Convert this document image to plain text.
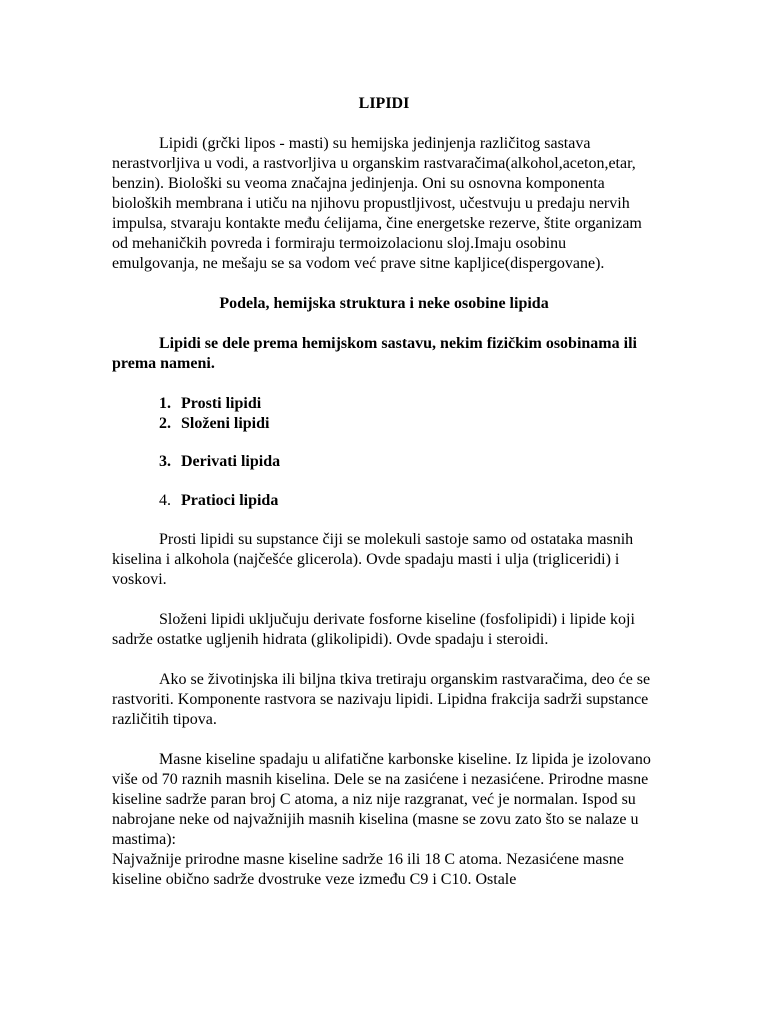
LIPIDI

Lipidi (grčki lipos - masti) su hemijska jedinjenja različitog sastava nerastvorljiva u vodi, a rastvorljiva u organskim rastvaračima(alkohol,aceton,etar, benzin). Biološki su veoma značajna jedinjenja. Oni su osnovna komponenta bioloških membrana i utiču na njihovu propustljivost, učestvuju u predaju nervih impulsa, stvaraju kontakte među ćelijama, čine energetske rezerve, štite organizam od mehaničkih povreda i formiraju termoizolacionu sloj.Imaju osobinu emulgovanja, ne mešaju se sa vodom već prave sitne kapljice(dispergovane).

Podela, hemijska struktura i neke osobine lipida

Lipidi se dele prema hemijskom sastavu, nekim fizičkim osobinama ili prema nameni.

1. Prosti lipidi
2. Složeni lipidi
3. Derivati lipida
4. Pratioci lipida

Prosti lipidi su supstance čiji se molekuli sastoje samo od ostataka masnih kiselina i alkohola (najčešće glicerola). Ovde spadaju masti i ulja (trigliceridi) i voskovi.

Složeni lipidi uključuju derivate fosforne kiseline (fosfolipidi) i lipide koji sadrže ostatke ugljenih hidrata (glikolipidi). Ovde spadaju i steroidi.

Ako se životinjska ili biljna tkiva tretiraju organskim rastvaračima, deo će se rastvoriti. Komponente rastvora se nazivaju lipidi. Lipidna frakcija sadrži supstance različitih tipova.

Masne kiseline spadaju u alifatične karbonske kiseline. Iz lipida je izolovano više od 70 raznih masnih kiselina. Dele se na zasićene i nezasićene. Prirodne masne kiseline sadrže paran broj C atoma, a niz nije razgranat, već je normalan. Ispod su nabrojane neke od najvažnijih masnih kiselina (masne se zovu zato što se nalaze u mastima):

Najvažnije prirodne masne kiseline sadrže 16 ili 18 C atoma. Nezasićene masne kiseline obično sadrže dvostruke veze između C9 i C10. Ostale
